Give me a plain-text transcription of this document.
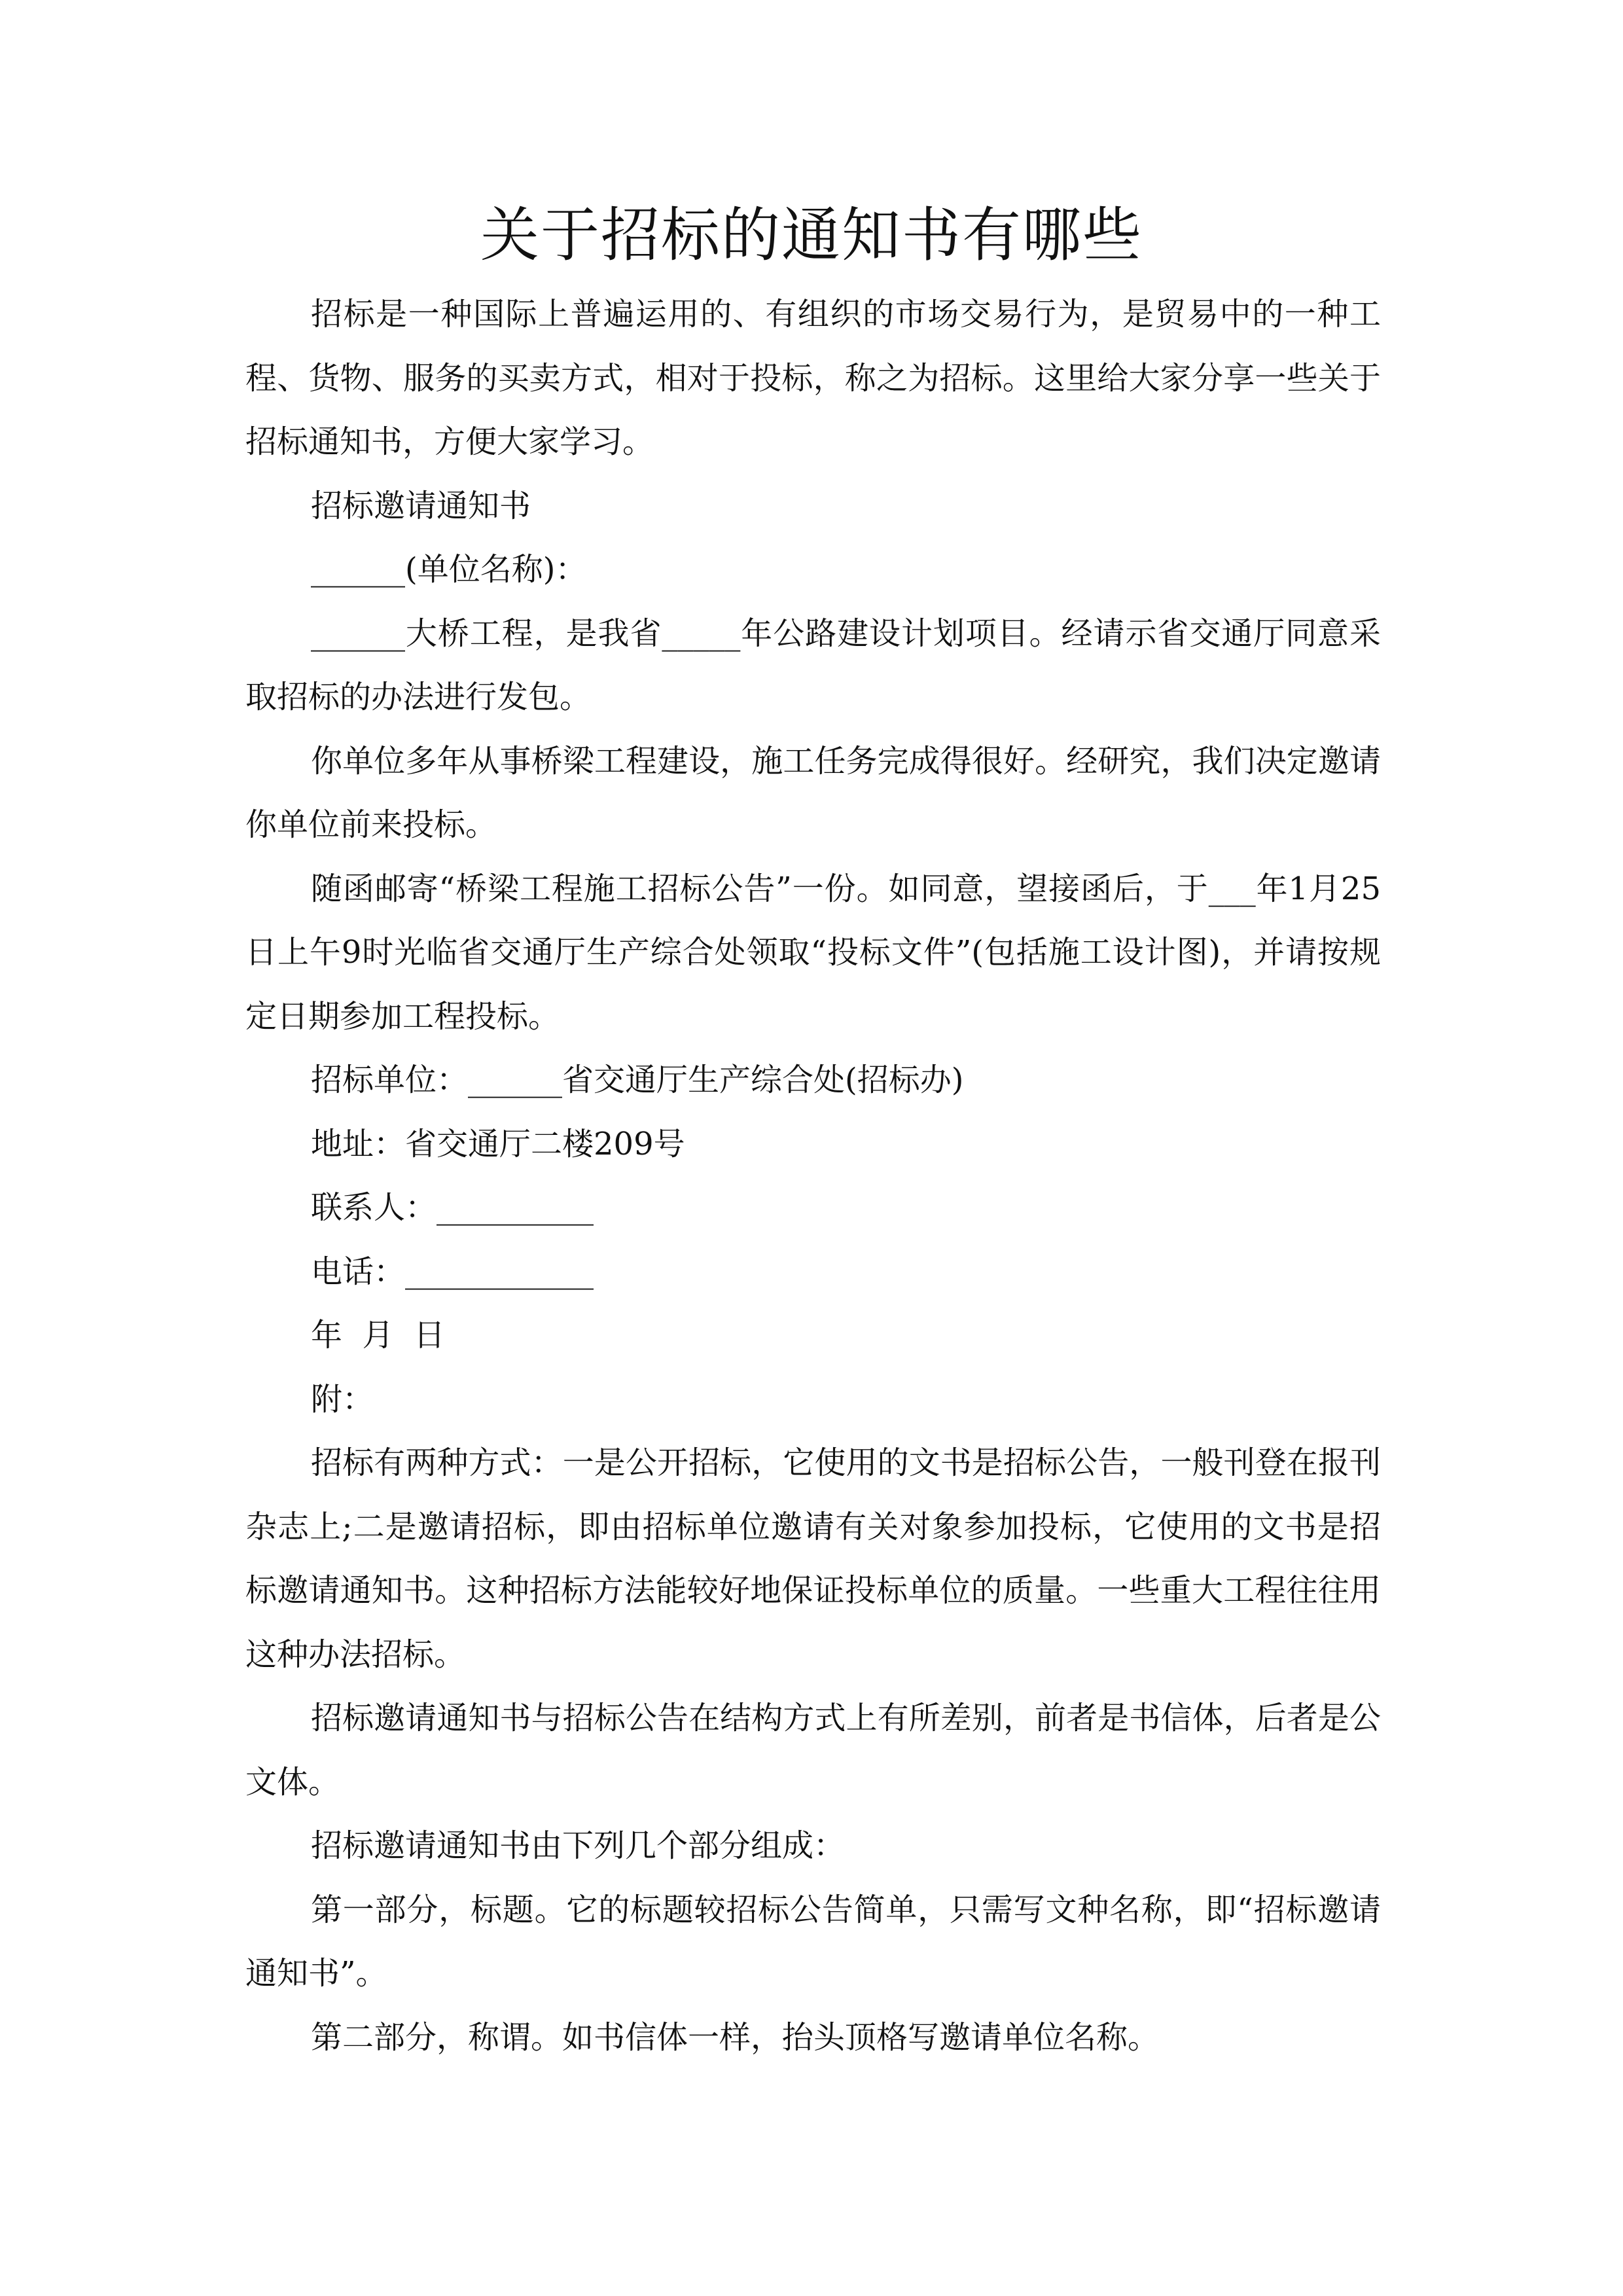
关于招标的通知书有哪些

招标是一种国际上普遍运用的、有组织的市场交易行为，是贸易中的一种工程、货物、服务的买卖方式，相对于投标，称之为招标。这里给大家分享一些关于招标通知书，方便大家学习。

招标邀请通知书

______(单位名称)：

______大桥工程，是我省_____年公路建设计划项目。经请示省交通厅同意采取招标的办法进行发包。

你单位多年从事桥梁工程建设，施工任务完成得很好。经研究，我们决定邀请你单位前来投标。

随函邮寄“桥梁工程施工招标公告”一份。如同意，望接函后，于___年1月25日上午9时光临省交通厅生产综合处领取“投标文件”(包括施工设计图)，并请按规定日期参加工程投标。

招标单位：______省交通厅生产综合处(招标办)

地址：省交通厅二楼209号

联系人：__________

电话：____________

年  月  日

附：

招标有两种方式：一是公开招标，它使用的文书是招标公告，一般刊登在报刊杂志上;二是邀请招标，即由招标单位邀请有关对象参加投标，它使用的文书是招标邀请通知书。这种招标方法能较好地保证投标单位的质量。一些重大工程往往用这种办法招标。

招标邀请通知书与招标公告在结构方式上有所差别，前者是书信体，后者是公文体。

招标邀请通知书由下列几个部分组成：

第一部分，标题。它的标题较招标公告简单，只需写文种名称，即“招标邀请通知书”。

第二部分，称谓。如书信体一样，抬头顶格写邀请单位名称。
